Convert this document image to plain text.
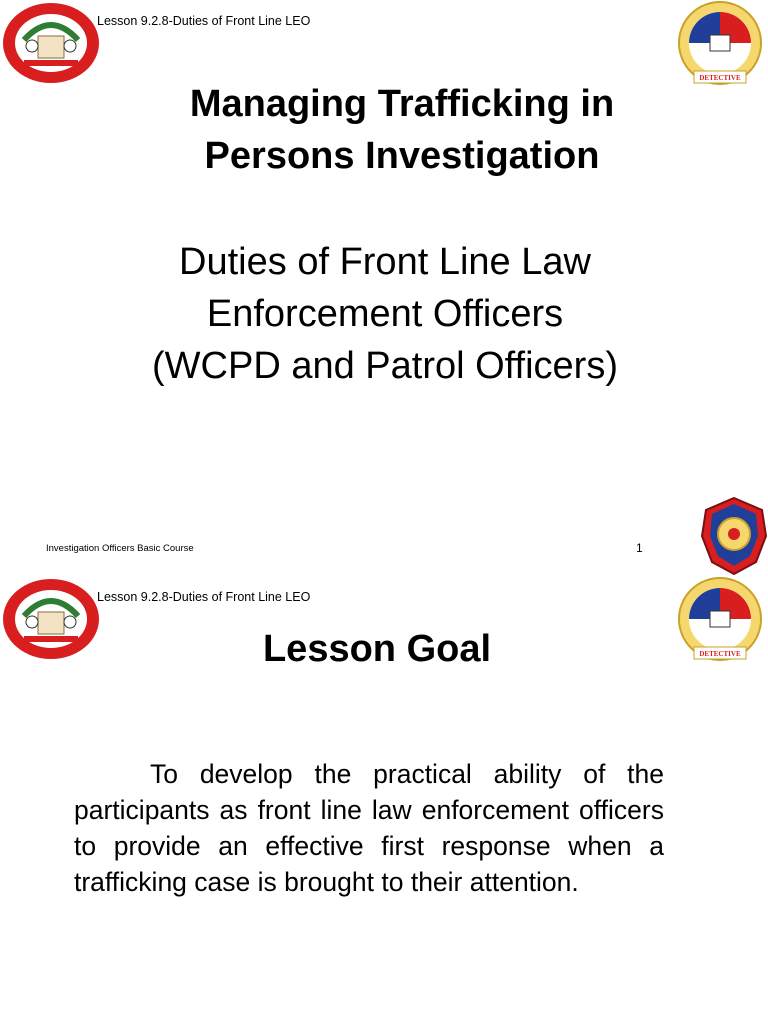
Lesson 9.2.8-Duties of Front Line LEO
DETECTIVE
Managing Trafficking in
Persons Investigation
Duties of Front Line Law
Enforcement Officers
(WCPD and Patrol Officers)
Investigation Officers Basic Course	1
Lesson 9.2.8-Duties of Front Line LEO
DETECTIVE
Lesson Goal
To develop the practical ability of the participants as front line law enforcement officers to provide an effective first response when a trafficking case is brought to their attention.
